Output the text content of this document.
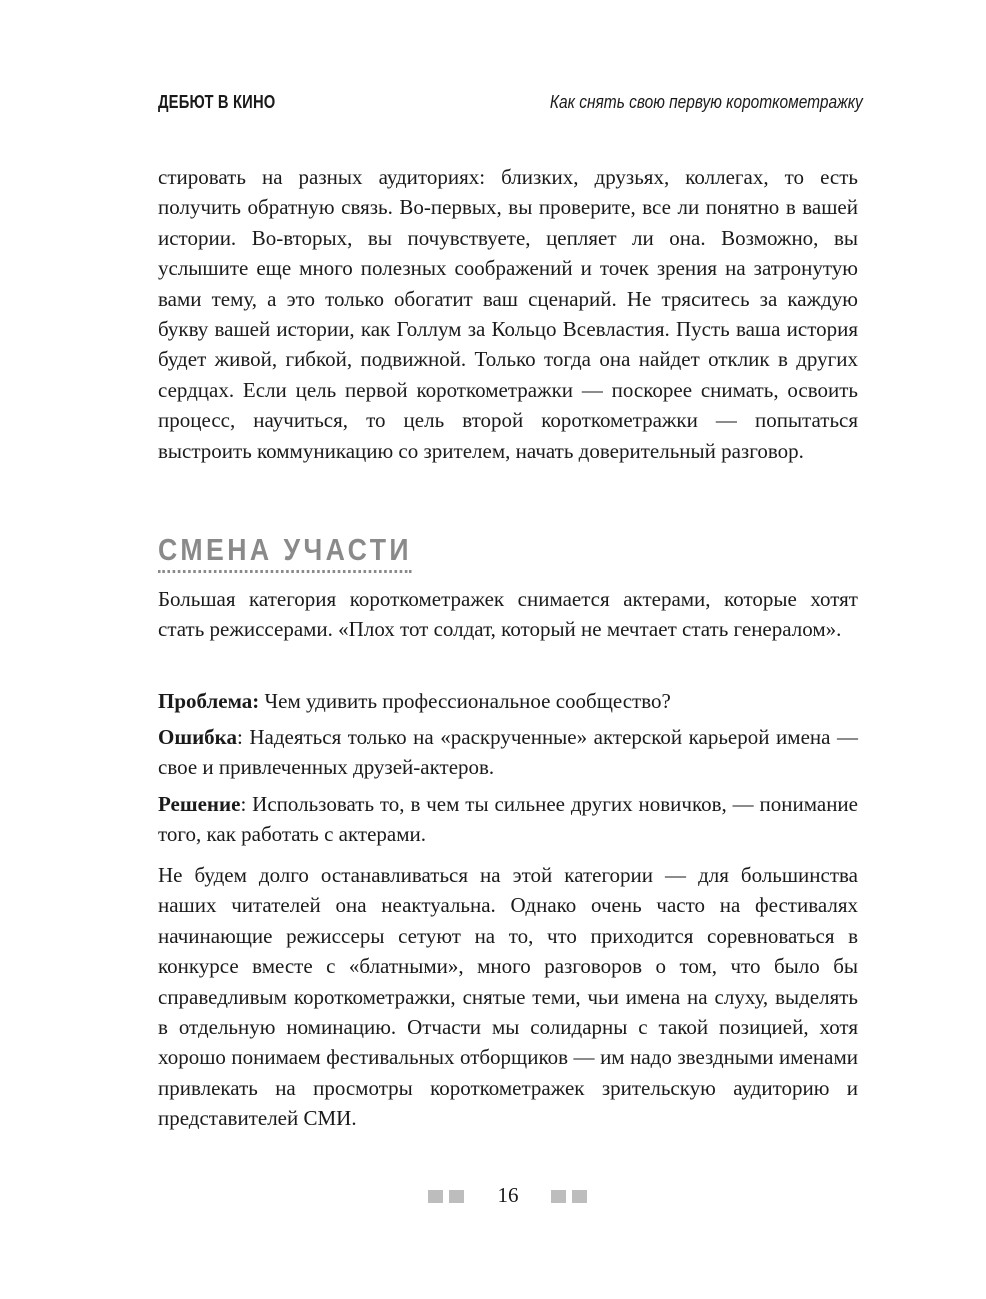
ДЕБЮТ В КИНО	Как снять свою первую короткометражку

стировать на разных аудиториях: близких, друзьях, коллегах, то есть получить обратную связь. Во-первых, вы проверите, все ли понятно в вашей истории. Во-вторых, вы почувствуете, цепляет ли она. Возможно, вы услышите еще много полезных соображений и точек зрения на затронутую вами тему, а это только обогатит ваш сценарий. Не тряситесь за каждую букву вашей истории, как Голлум за Кольцо Всевластия. Пусть ваша история будет живой, гибкой, подвижной. Только тогда она найдет отклик в других сердцах. Если цель первой короткометражки — поскорее снимать, освоить процесс, научиться, то цель второй короткометражки — попытаться выстроить коммуникацию со зрителем, начать доверительный разговор.

СМЕНА УЧАСТИ

Большая категория короткометражек снимается актерами, которые хотят стать режиссерами. «Плох тот солдат, который не мечтает стать генералом».

Проблема: Чем удивить профессиональное сообщество?

Ошибка: Надеяться только на «раскрученные» актерской карьерой имена — свое и привлеченных друзей-актеров.

Решение: Использовать то, в чем ты сильнее других новичков, — понимание того, как работать с актерами.

Не будем долго останавливаться на этой категории — для большинства наших читателей она неактуальна. Однако очень часто на фестивалях начинающие режиссеры сетуют на то, что приходится соревноваться в конкурсе вместе с «блатными», много разговоров о том, что было бы справедливым короткометражки, снятые теми, чьи имена на слуху, выделять в отдельную номинацию. Отчасти мы солидарны с такой позицией, хотя хорошо понимаем фестивальных отборщиков — им надо звездными именами привлекать на просмотры короткометражек зрительскую аудиторию и представителей СМИ.

16
